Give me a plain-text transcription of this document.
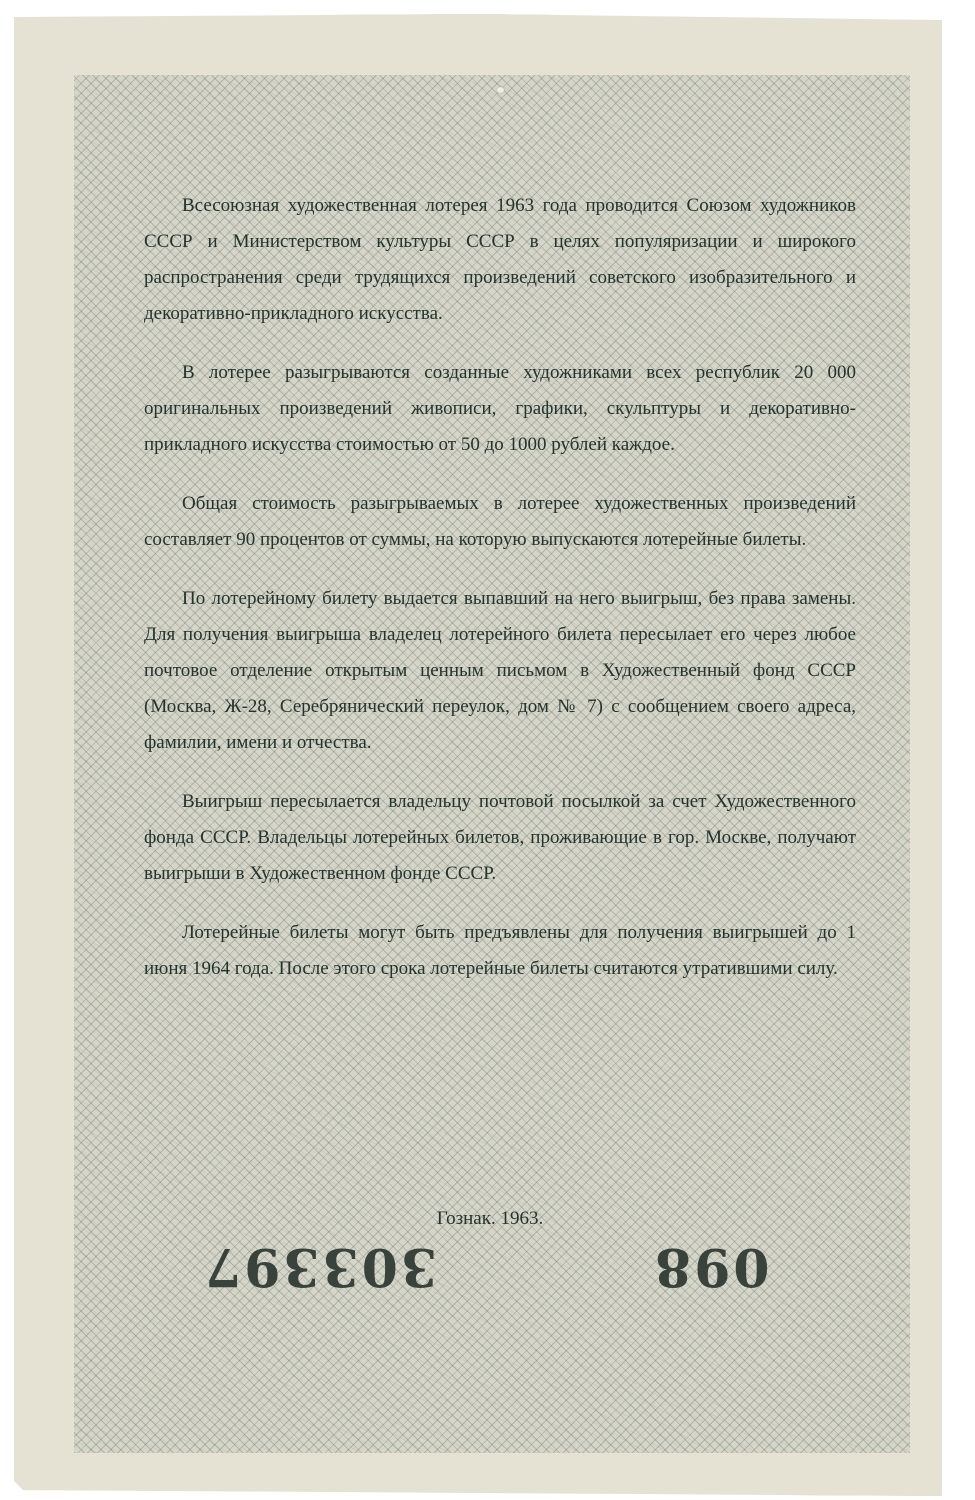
Всесоюзная художественная лотерея 1963 года проводится Союзом художников СССР и Министерством культуры СССР в целях популяризации и широкого распространения среди трудящихся произведений советского изобразительного и декоративно-прикладного искусства.

В лотерее разыгрываются созданные художниками всех республик 20 000 оригинальных произведений живописи, графики, скульптуры и декоративно-прикладного искусства стоимостью от 50 до 1000 рублей каждое.

Общая стоимость разыгрываемых в лотерее художественных произведений составляет 90 процентов от суммы, на которую выпускаются лотерейные билеты.

По лотерейному билету выдается выпавший на него выигрыш, без права замены. Для получения выигрыша владелец лотерейного билета пересылает его через любое почтовое отделение открытым ценным письмом в Художественный фонд СССР (Москва, Ж-28, Серебрянический переулок, дом № 7) с сообщением своего адреса, фамилии, имени и отчества.

Выигрыш пересылается владельцу почтовой посылкой за счет Художественного фонда СССР. Владельцы лотерейных билетов, проживающие в гор. Москве, получают выигрыши в Художественном фонде СССР.

Лотерейные билеты могут быть предъявлены для получения выигрышей до 1 июня 1964 года. После этого срока лотерейные билеты считаются утратившими силу.

Гознак. 1963.
303397	098
